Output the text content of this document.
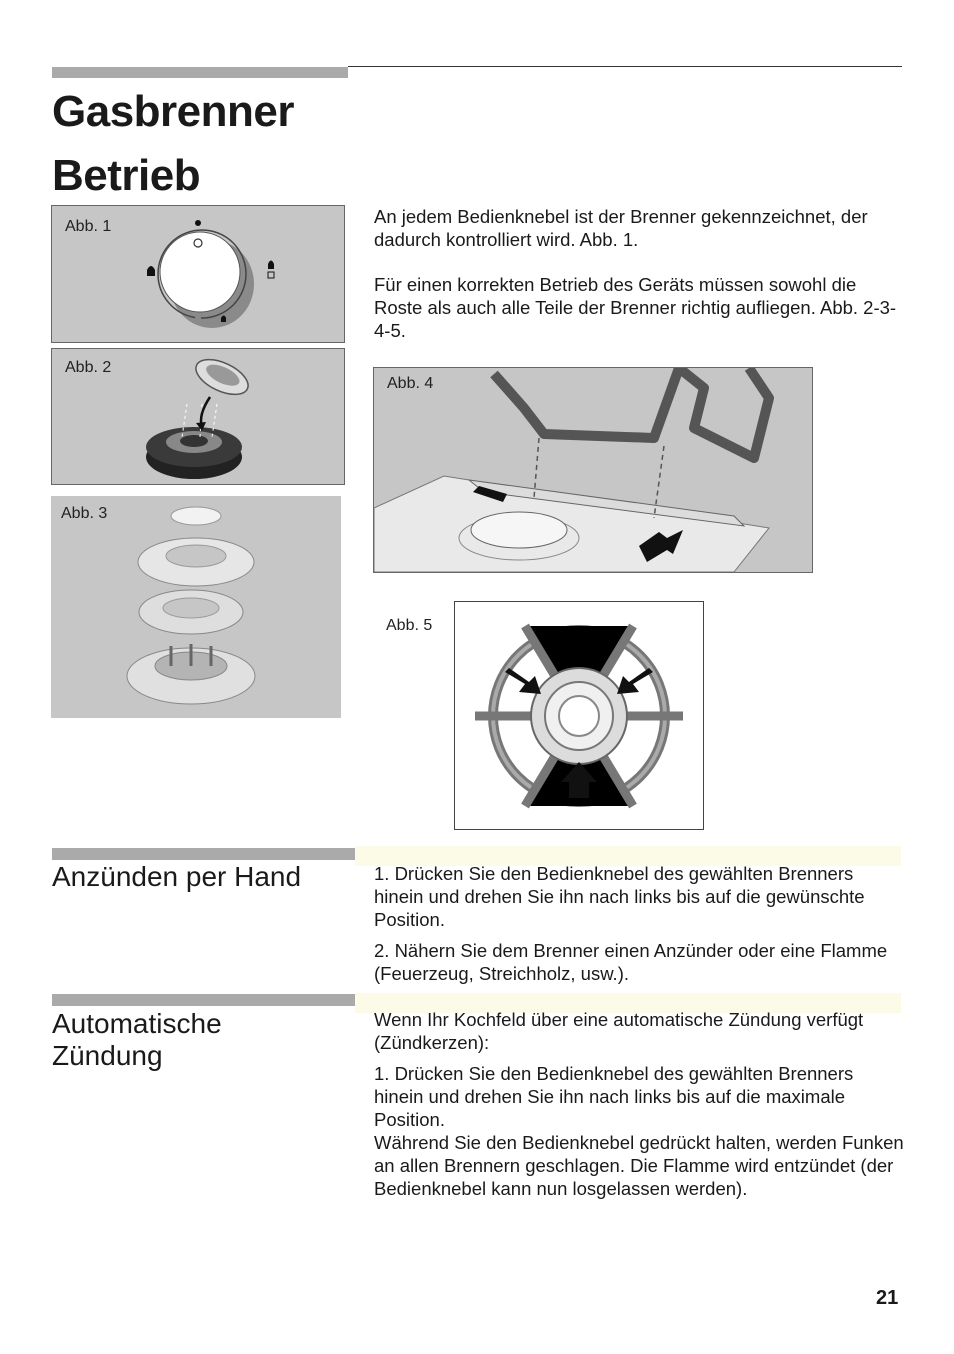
Gasbrenner
Betrieb
Abb. 1
Abb. 2
Abb. 3

An jedem Bedienknebel ist der Brenner gekennzeichnet, der dadurch kontrolliert wird. Abb. 1.

Für einen korrekten Betrieb des Geräts müssen sowohl die Roste als auch alle Teile der Brenner richtig aufliegen. Abb. 2-3-4-5.

Abb. 4
Abb. 5
Anzünden per Hand	1. Drücken Sie den Bedienknebel des gewählten Brenners hinein und drehen Sie ihn nach links bis auf die gewünschte Position.

2. Nähern Sie dem Brenner einen Anzünder oder eine Flamme (Feuerzeug, Streichholz, usw.).

Automatische Zündung

Wenn Ihr Kochfeld über eine automatische Zündung verfügt (Zündkerzen):

1. Drücken Sie den Bedienknebel des gewählten Brenners hinein und drehen Sie ihn nach links bis auf die maximale Position.

Während Sie den Bedienknebel gedrückt halten, werden Funken an allen Brennern geschlagen. Die Flamme wird entzündet (der Bedienknebel kann nun losgelassen werden).

21
